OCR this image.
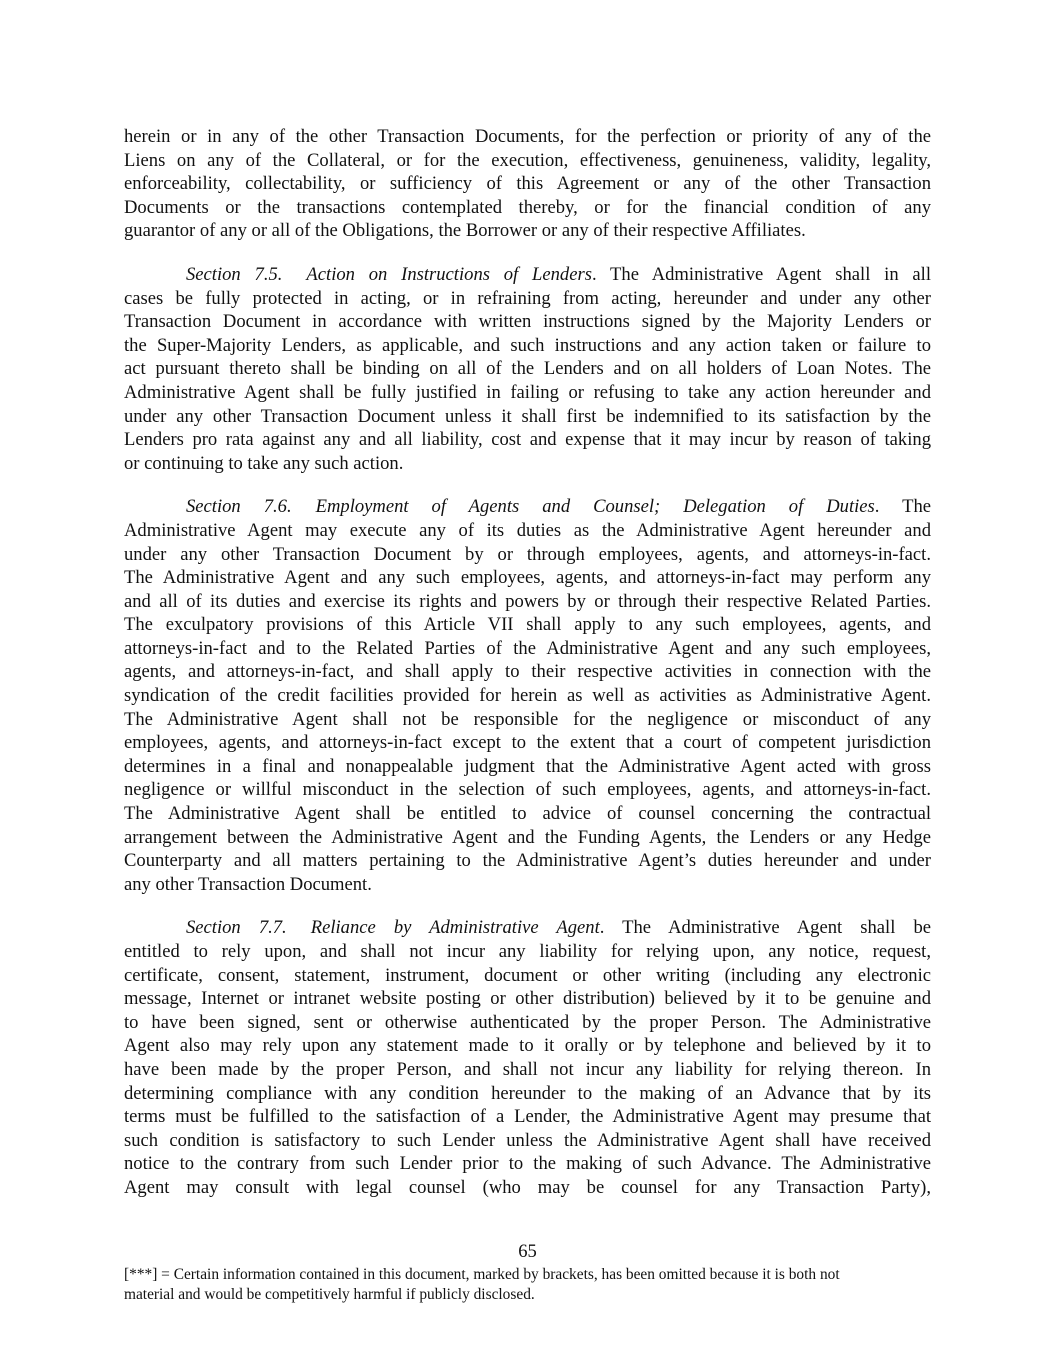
herein or in any of the other Transaction Documents, for the perfection or priority of any of the
Liens on any of the Collateral, or for the execution, effectiveness, genuineness, validity, legality,
enforceability, collectability, or sufficiency of this Agreement or any of the other Transaction
Documents or the transactions contemplated thereby, or for the financial condition of any
guarantor of any or all of the Obligations, the Borrower or any of their respective Affiliates.
Section 7.5. Action on Instructions of Lenders. The Administrative Agent shall in all
cases be fully protected in acting, or in refraining from acting, hereunder and under any other
Transaction Document in accordance with written instructions signed by the Majority Lenders or
the Super-Majority Lenders, as applicable, and such instructions and any action taken or failure to
act pursuant thereto shall be binding on all of the Lenders and on all holders of Loan Notes. The
Administrative Agent shall be fully justified in failing or refusing to take any action hereunder and
under any other Transaction Document unless it shall first be indemnified to its satisfaction by the
Lenders pro rata against any and all liability, cost and expense that it may incur by reason of taking
or continuing to take any such action.
Section 7.6. Employment of Agents and Counsel; Delegation of Duties. The
Administrative Agent may execute any of its duties as the Administrative Agent hereunder and
under any other Transaction Document by or through employees, agents, and attorneys-in-fact.
The Administrative Agent and any such employees, agents, and attorneys-in-fact may perform any
and all of its duties and exercise its rights and powers by or through their respective Related Parties.
The exculpatory provisions of this Article VII shall apply to any such employees, agents, and
attorneys-in-fact and to the Related Parties of the Administrative Agent and any such employees,
agents, and attorneys-in-fact, and shall apply to their respective activities in connection with the
syndication of the credit facilities provided for herein as well as activities as Administrative Agent.
The Administrative Agent shall not be responsible for the negligence or misconduct of any
employees, agents, and attorneys-in-fact except to the extent that a court of competent jurisdiction
determines in a final and nonappealable judgment that the Administrative Agent acted with gross
negligence or willful misconduct in the selection of such employees, agents, and attorneys-in-fact.
The Administrative Agent shall be entitled to advice of counsel concerning the contractual
arrangement between the Administrative Agent and the Funding Agents, the Lenders or any Hedge
Counterparty and all matters pertaining to the Administrative Agent’s duties hereunder and under
any other Transaction Document.
Section 7.7. Reliance by Administrative Agent. The Administrative Agent shall be
entitled to rely upon, and shall not incur any liability for relying upon, any notice, request,
certificate, consent, statement, instrument, document or other writing (including any electronic
message, Internet or intranet website posting or other distribution) believed by it to be genuine and
to have been signed, sent or otherwise authenticated by the proper Person. The Administrative
Agent also may rely upon any statement made to it orally or by telephone and believed by it to
have been made by the proper Person, and shall not incur any liability for relying thereon. In
determining compliance with any condition hereunder to the making of an Advance that by its
terms must be fulfilled to the satisfaction of a Lender, the Administrative Agent may presume that
such condition is satisfactory to such Lender unless the Administrative Agent shall have received
notice to the contrary from such Lender prior to the making of such Advance. The Administrative
Agent may consult with legal counsel (who may be counsel for any Transaction Party),
65
[***] = Certain information contained in this document, marked by brackets, has been omitted because it is both not
material and would be competitively harmful if publicly disclosed.
